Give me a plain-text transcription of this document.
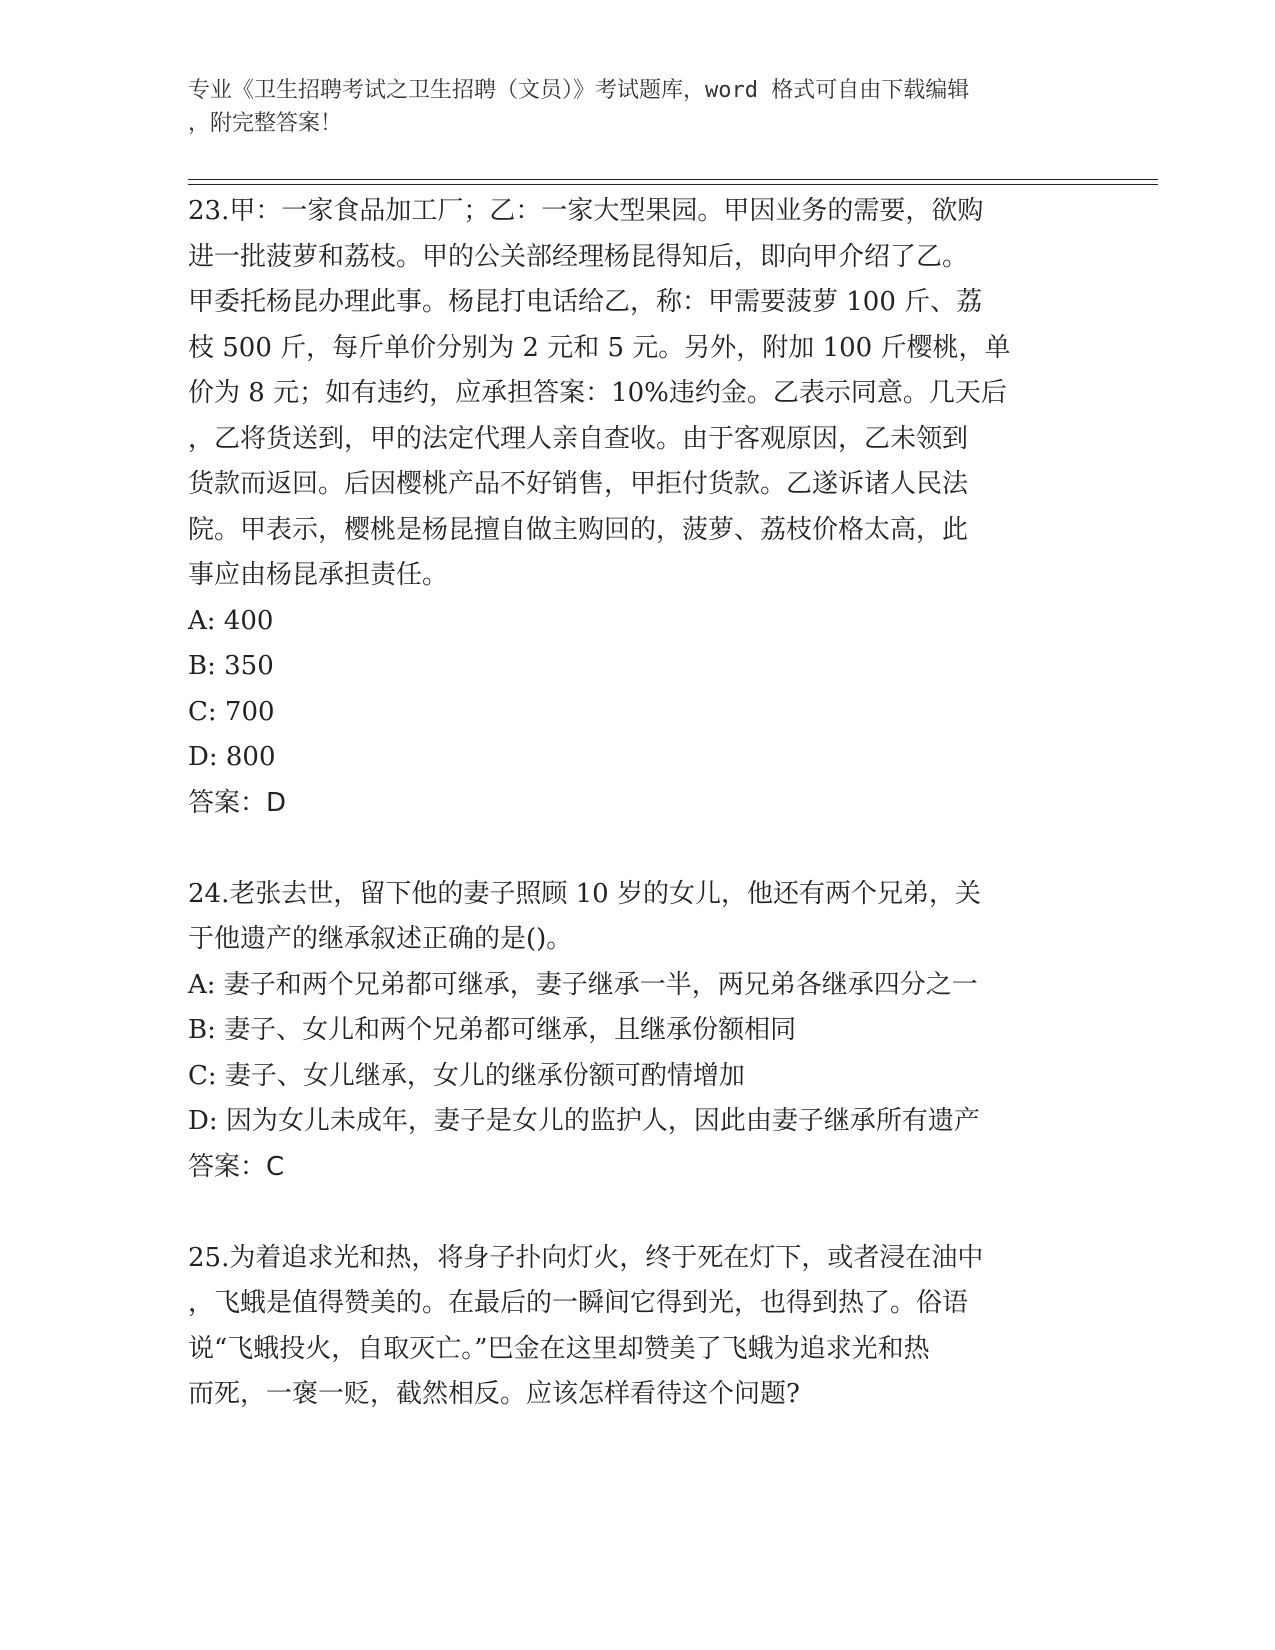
专业《卫生招聘考试之卫生招聘（文员）》考试题库，word 格式可自由下载编辑
，附完整答案！

23.甲：一家食品加工厂；乙：一家大型果园。甲因业务的需要，欲购

进一批菠萝和荔枝。甲的公关部经理杨昆得知后，即向甲介绍了乙。

甲委托杨昆办理此事。杨昆打电话给乙，称：甲需要菠萝 100 斤、荔

枝 500 斤，每斤单价分别为 2 元和 5 元。另外，附加 100 斤樱桃，单

价为 8 元；如有违约，应承担答案：10%违约金。乙表示同意。几天后

，乙将货送到，甲的法定代理人亲自查收。由于客观原因，乙未领到

货款而返回。后因樱桃产品不好销售，甲拒付货款。乙遂诉诸人民法

院。甲表示，樱桃是杨昆擅自做主购回的，菠萝、荔枝价格太高，此

事应由杨昆承担责任。

A: 400

B: 350

C: 700

D: 800

答案：D

24.老张去世，留下他的妻子照顾 10 岁的女儿，他还有两个兄弟，关

于他遗产的继承叙述正确的是()。

A: 妻子和两个兄弟都可继承，妻子继承一半，两兄弟各继承四分之一

B: 妻子、女儿和两个兄弟都可继承，且继承份额相同

C: 妻子、女儿继承，女儿的继承份额可酌情增加

D: 因为女儿未成年，妻子是女儿的监护人，因此由妻子继承所有遗产

答案：C

25.为着追求光和热，将身子扑向灯火，终于死在灯下，或者浸在油中

，飞蛾是值得赞美的。在最后的一瞬间它得到光，也得到热了。俗语

说“飞蛾投火，自取灭亡。”巴金在这里却赞美了飞蛾为追求光和热

而死，一褒一贬，截然相反。应该怎样看待这个问题?
